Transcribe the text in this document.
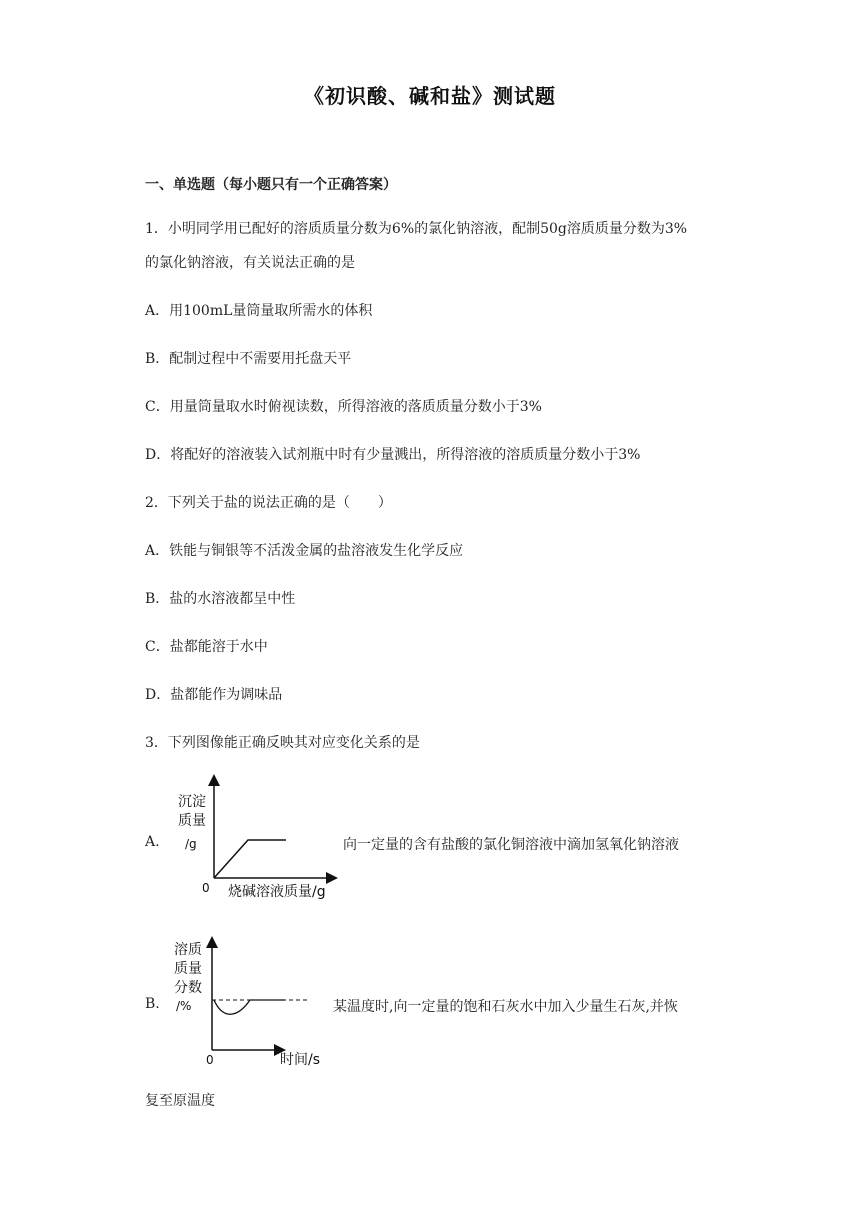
《初识酸、碱和盐》测试题
一、单选题（每小题只有一个正确答案）
1．小明同学用已配好的溶质质量分数为6%的氯化钠溶液，配制50g溶质质量分数为3%
的氯化钠溶液，有关说法正确的是
A．用100mL量筒量取所需水的体积
B．配制过程中不需要用托盘天平
C．用量筒量取水时俯视读数，所得溶液的落质质量分数小于3%
D．将配好的溶液装入试剂瓶中时有少量溅出，所得溶液的溶质质量分数小于3%
2．下列关于盐的说法正确的是（　　）
A．铁能与铜银等不活泼金属的盐溶液发生化学反应
B．盐的水溶液都呈中性
C．盐都能溶于水中
D．盐都能作为调味品
3．下列图像能正确反映其对应变化关系的是
A.
沉淀
质量
/g
0 烧碱溶液质量/g
向一定量的含有盐酸的氯化铜溶液中滴加氢氧化钠溶液
B.
溶质
质量
分数
/%
0	时间/s
某温度时,向一定量的饱和石灰水中加入少量生石灰,并恢
复至原温度
